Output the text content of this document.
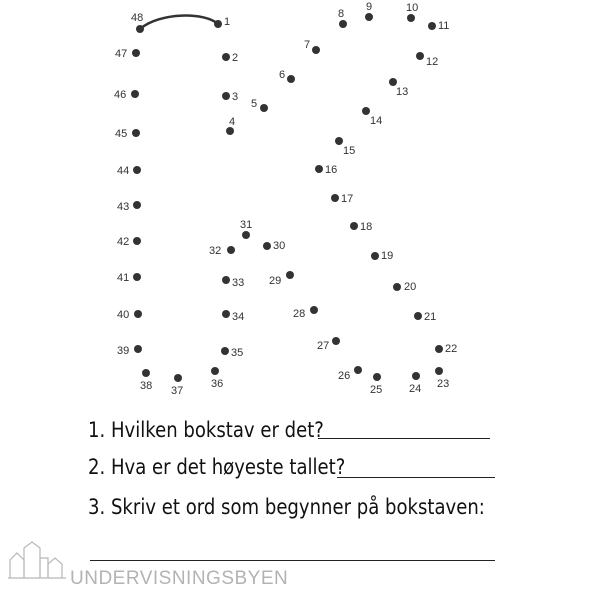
1
2
3
4
5
6
7
8
9	10
11
12
13
14
15
16
17
18
19
20
21
22
23
24
25
26
27
28
29
30
31
32
33
34
35
36
37
38
39
40
41
42
43
44
45
46
47
48
1. Hvilken bokstav er det?
2. Hva er det høyeste tallet?
3. Skriv et ord som begynner på bokstaven:
UNDERVISNINGSBYEN
